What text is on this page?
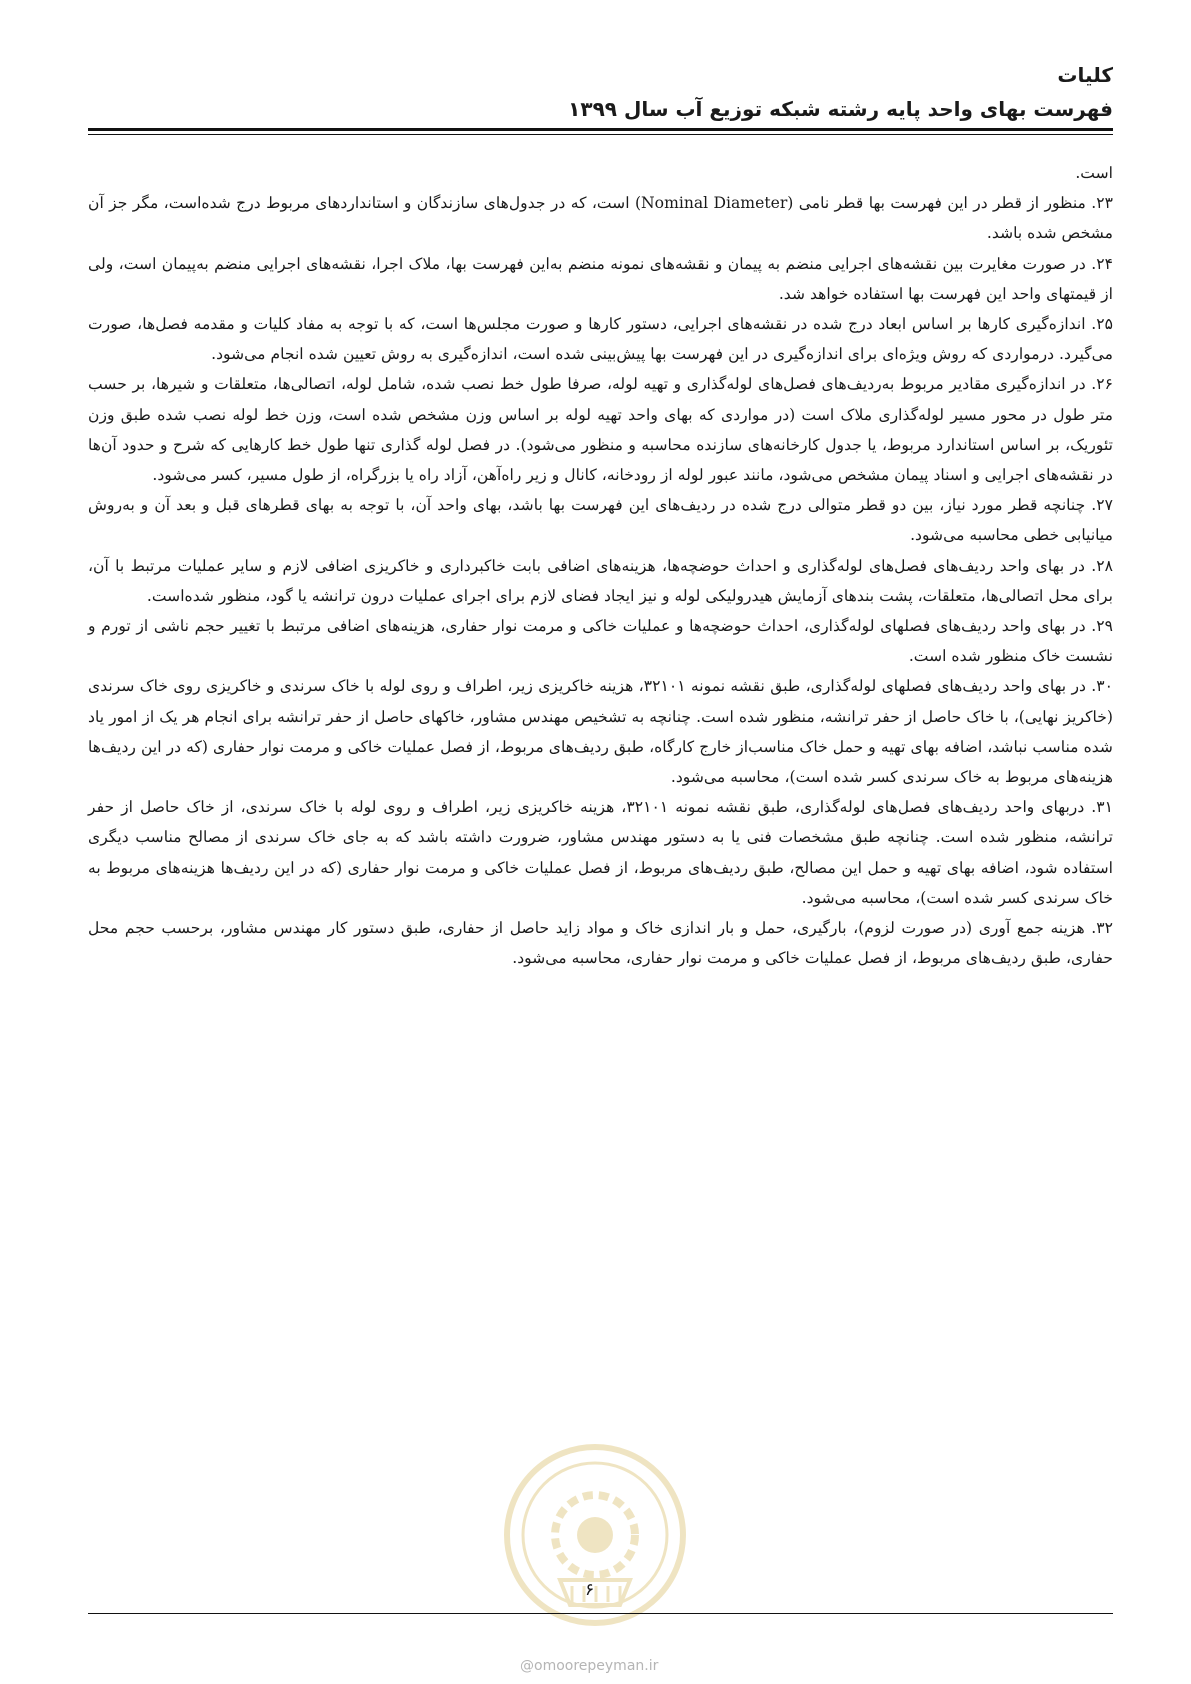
کلیات
فهرست بهای واحد پایه رشته شبکه توزیع آب سال ۱۳۹۹

است.

۲۳. منظور از قطر در این فهرست بها قطر نامی (Nominal Diameter) است، که در جدول‌های سازندگان و استانداردهای مربوط درج شده‌است، مگر جز آن مشخص شده باشد.

۲۴. در صورت مغایرت بین نقشه‌های اجرایی منضم به پیمان و نقشه‌های نمونه منضم به‌این فهرست بها، ملاک اجرا، نقشه‌های اجرایی منضم به‌پیمان است، ولی از قیمتهای واحد این فهرست بها استفاده خواهد شد.

۲۵. اندازه‌گیری کارها بر اساس ابعاد درج شده در نقشه‌های اجرایی، دستور کارها و صورت مجلس‌ها است، که با توجه به مفاد کلیات و مقدمه فصل‌ها، صورت می‌گیرد. درمواردی که روش ویژه‌ای برای اندازه‌گیری در این فهرست بها پیش‌بینی شده است، اندازه‌گیری به روش تعیین شده انجام می‌شود.

۲۶. در اندازه‌گیری مقادیر مربوط به‌ردیف‌های فصل‌های لوله‌گذاری و تهیه لوله، صرفا طول خط نصب شده، شامل لوله، اتصالی‌ها، متعلقات و شیرها، بر حسب متر طول در محور مسیر لوله‌گذاری ملاک است (در مواردی که بهای واحد تهیه لوله بر اساس وزن مشخص شده است، وزن خط لوله نصب شده طبق وزن تئوریک، بر اساس استاندارد مربوط، یا جدول کارخانه‌های سازنده محاسبه و منظور می‌شود). در فصل لوله گذاری تنها طول خط کارهایی که شرح و حدود آن‌ها در نقشه‌های اجرایی و اسناد پیمان مشخص می‌شود، مانند عبور لوله از رودخانه، کانال و زیر راه‌آهن، آزاد راه یا بزرگراه، از طول مسیر، کسر می‌شود.

۲۷. چنانچه قطر مورد نیاز، بین دو قطر متوالی درج شده در ردیف‌های این فهرست بها باشد، بهای واحد آن، با توجه به بهای قطرهای قبل و بعد آن و به‌روش میانیابی خطی محاسبه می‌شود.

۲۸. در بهای واحد ردیف‌های فصل‌های لوله‌گذاری و احداث حوضچه‌ها، هزینه‌های اضافی بابت خاکبرداری و خاکریزی اضافی لازم و سایر عملیات مرتبط با آن، برای محل اتصالی‌ها، متعلقات، پشت بندهای آزمایش هیدرولیکی لوله و نیز ایجاد فضای لازم برای اجرای عملیات درون ترانشه یا گود، منظور شده‌است.

۲۹. در بهای واحد ردیف‌های فصلهای لوله‌گذاری، احداث حوضچه‌ها و عملیات خاکی و مرمت نوار حفاری، هزینه‌های اضافی مرتبط با تغییر حجم ناشی از تورم و نشست خاک منظور شده است.

۳۰. در بهای واحد ردیف‌های فصلهای لوله‌گذاری، طبق نقشه نمونه ۳۲۱۰۱، هزینه خاکریزی زیر، اطراف و روی لوله با خاک سرندی و خاکریزی روی خاک سرندی (خاکریز نهایی)، با خاک حاصل از حفر ترانشه، منظور شده است. چنانچه به تشخیص مهندس مشاور، خاکهای حاصل از حفر ترانشه برای انجام هر یک از امور یاد شده مناسب نباشد، اضافه بهای تهیه و حمل خاک مناسب‌از خارج کارگاه، طبق ردیف‌های مربوط، از فصل عملیات خاکی و مرمت نوار حفاری (که در این ردیف‌ها هزینه‌های مربوط به خاک سرندی کسر شده است)، محاسبه می‌شود.

۳۱. دربهای واحد ردیف‌های فصل‌های لوله‌گذاری، طبق نقشه نمونه ۳۲۱۰۱، هزینه خاکریزی زیر، اطراف و روی لوله با خاک سرندی، از خاک حاصل از حفر ترانشه، منظور شده است. چنانچه طبق مشخصات فنی یا به دستور مهندس مشاور، ضرورت داشته باشد که به جای خاک سرندی از مصالح مناسب دیگری استفاده شود، اضافه بهای تهیه و حمل این مصالح، طبق ردیف‌های مربوط، از فصل عملیات خاکی و مرمت نوار حفاری (که در این ردیف‌ها هزینه‌های مربوط به خاک سرندی کسر شده است)، محاسبه می‌شود.

۳۲. هزینه جمع آوری (در صورت لزوم)، بارگیری، حمل و بار اندازی خاک و مواد زاید حاصل از حفاری، طبق دستور کار مهندس مشاور، برحسب حجم محل حفاری، طبق ردیف‌های مربوط، از فصل عملیات خاکی و مرمت نوار حفاری، محاسبه می‌شود.

۶
@omoorepeyman.ir
